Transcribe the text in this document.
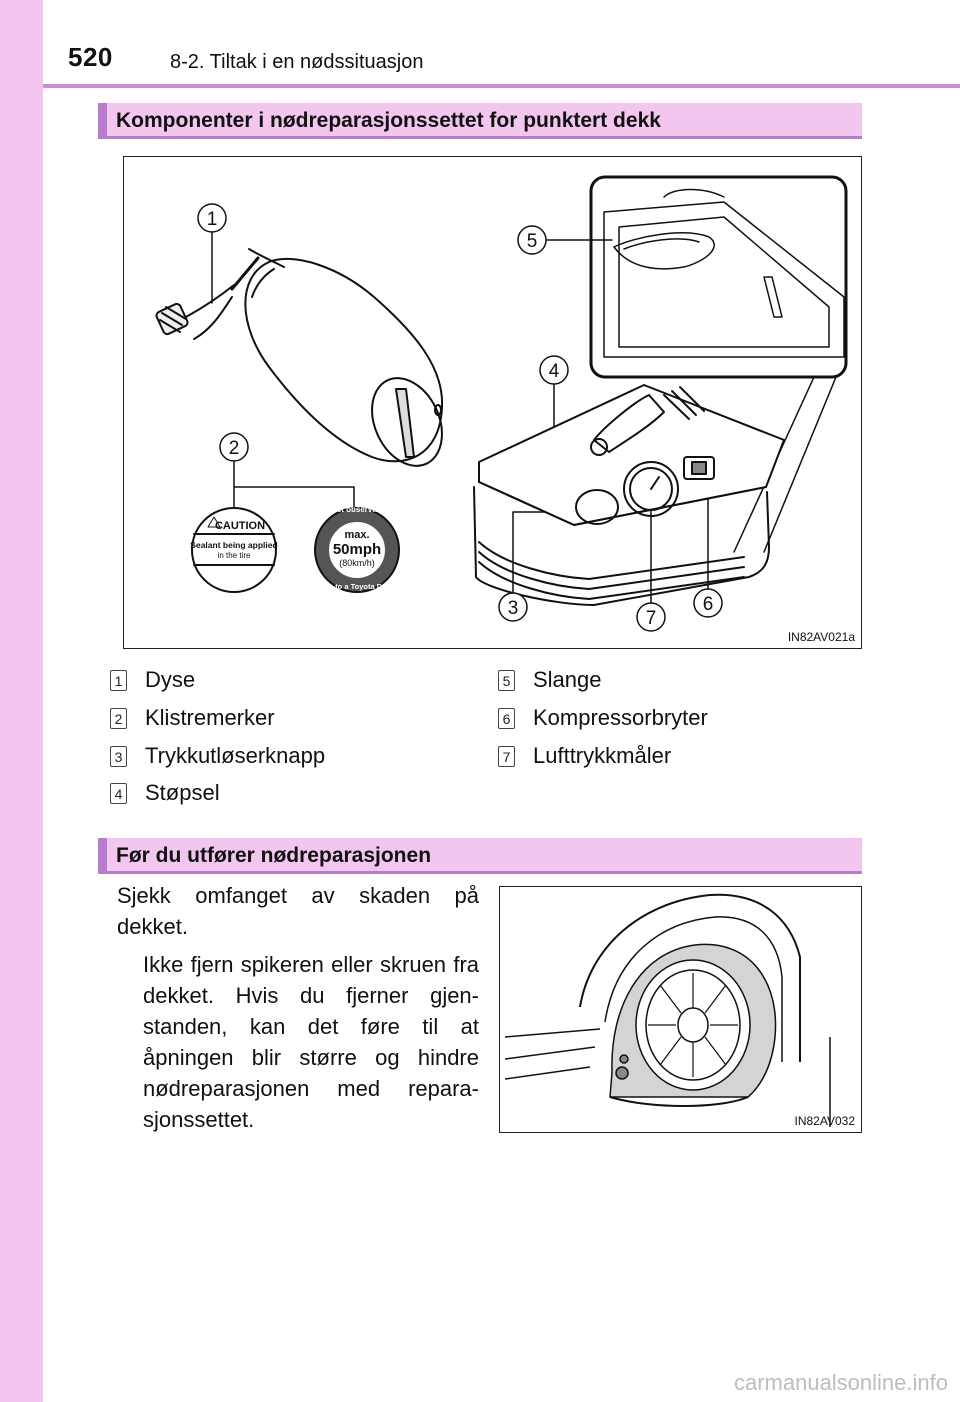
520	8-2. Tiltak i en nødssituasjon
Komponenter i nødreparasjonssettet for punktert dekk
1
2
3
4
5
6
7
CAUTION
Sealant being applied
in the tire
Strict observance
max.
50mph
(80km/h)
Drive to a Toyota Dealer
IN82AV021a
1 Dyse
2 Klistremerker
3 Trykkutløserknapp
4 Støpsel
5 Slange
6 Kompressorbryter
7 Lufttrykkmåler
Før du utfører nødreparasjonen
Sjekk omfanget av skaden på dekket.
Ikke fjern spikeren eller skruen fra dekket. Hvis du fjerner gjen-standen, kan det føre til at åpningen blir større og hindre nødreparasjonen med repara-sjonssettet.	IN82AV032
carmanualsonline.info
